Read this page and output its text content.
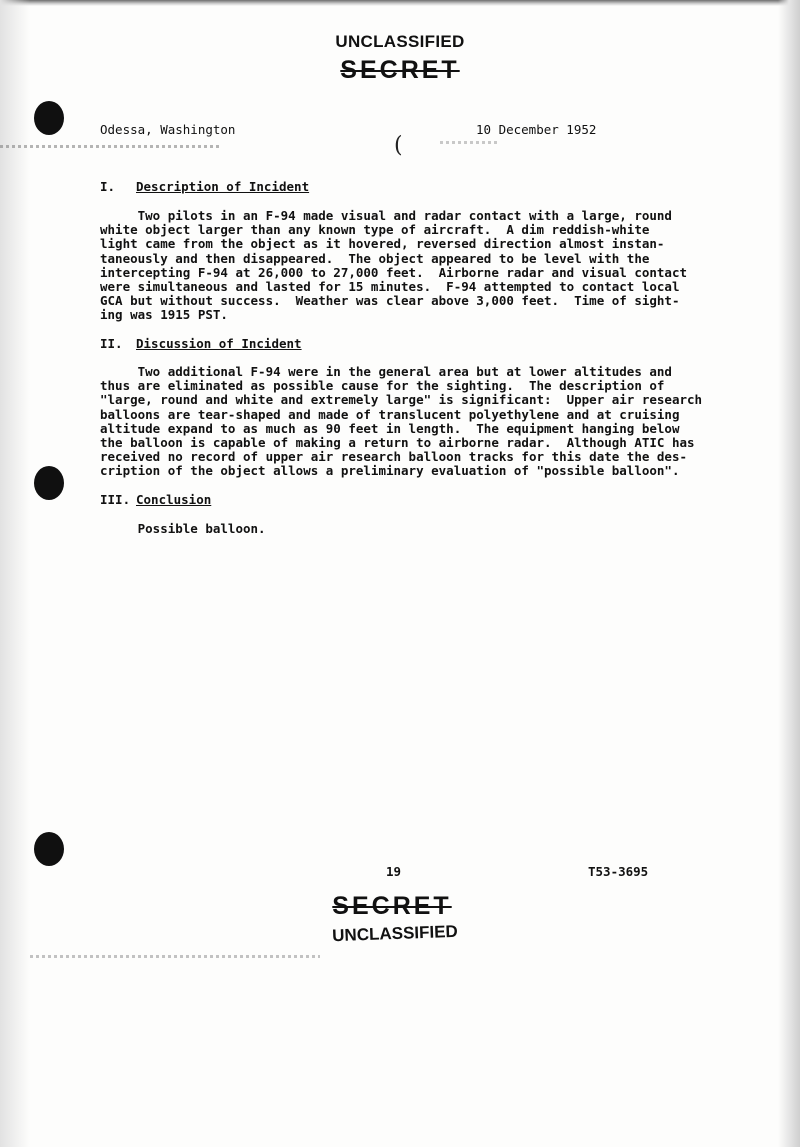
(
UNCLASSIFIED
SECRET
Odessa, Washington	10 December 1952
I. Description of Incident
Two pilots in an F-94 made visual and radar contact with a large, round
white object larger than any known type of aircraft.  A dim reddish-white
light came from the object as it hovered, reversed direction almost instan-
taneously and then disappeared.  The object appeared to be level with the
intercepting F-94 at 26,000 to 27,000 feet.  Airborne radar and visual contact
were simultaneous and lasted for 15 minutes.  F-94 attempted to contact local
GCA but without success.  Weather was clear above 3,000 feet.  Time of sight-
ing was 1915 PST.
II. Discussion of Incident
Two additional F-94 were in the general area but at lower altitudes and
thus are eliminated as possible cause for the sighting.  The description of
"large, round and white and extremely large" is significant:  Upper air research
balloons are tear-shaped and made of translucent polyethylene and at cruising
altitude expand to as much as 90 feet in length.  The equipment hanging below
the balloon is capable of making a return to airborne radar.  Although ATIC has
received no record of upper air research balloon tracks for this date the des-
cription of the object allows a preliminary evaluation of "possible balloon".
III. Conclusion
Possible balloon.
19	T53-3695
SECRET
UNCLASSIFIED
